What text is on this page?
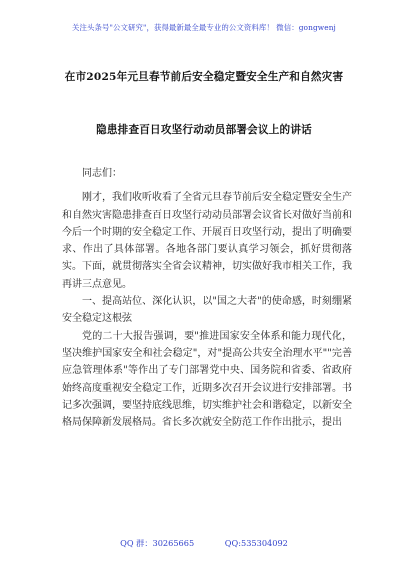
关注头条号"公文研究"，获得最新最全最专业的公文资料库！ 微信：gongwenj
在市2025年元旦春节前后安全稳定暨安全生产和自然灾害
隐患排查百日攻坚行动动员部署会议上的讲话

同志们：

刚才，我们收听收看了全省元旦春节前后安全稳定暨安全生产和自然灾害隐患排查百日攻坚行动动员部署会议省长对做好当前和今后一个时期的安全稳定工作、开展百日攻坚行动，提出了明确要求、作出了具体部署。各地各部门要认真学习领会，抓好贯彻落实。下面，就贯彻落实全省会议精神，切实做好我市相关工作，我再讲三点意见。

一、提高站位、深化认识，以"国之大者"的使命感，时刻绷紧安全稳定这根弦

党的二十大报告强调，要"推进国家安全体系和能力现代化，坚决维护国家安全和社会稳定"，对"提高公共安全治理水平""完善应急管理体系"等作出了专门部署党中央、国务院和省委、省政府始终高度重视安全稳定工作，近期多次召开会议进行安排部署。书记多次强调，要坚持底线思维，切实维护社会和谐稳定，以新安全格局保障新发展格局。省长多次就安全防范工作作出批示，提出

QQ 群：30265665	QQ:535304092
